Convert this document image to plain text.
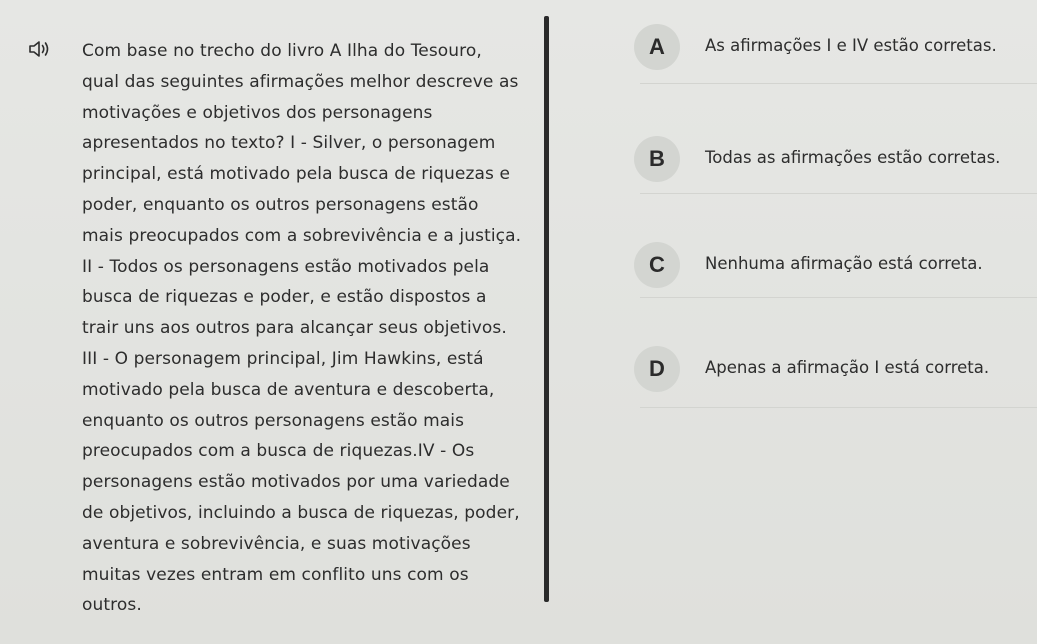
Com base no trecho do livro A Ilha do Tesouro, qual das seguintes afirmações melhor descreve as motivações e objetivos dos personagens apresentados no texto? I - Silver, o personagem principal, está motivado pela busca de riquezas e poder, enquanto os outros personagens estão mais preocupados com a sobrevivência e a justiça. II - Todos os personagens estão motivados pela busca de riquezas e poder, e estão dispostos a trair uns aos outros para alcançar seus objetivos. III - O personagem principal, Jim Hawkins, está motivado pela busca de aventura e descoberta, enquanto os outros personagens estão mais preocupados com a busca de riquezas.IV - Os personagens estão motivados por uma variedade de objetivos, incluindo a busca de riquezas, poder, aventura e sobrevivência, e suas motivações muitas vezes entram em conflito uns com os outros.
A	As afirmações I e IV estão corretas.
B	Todas as afirmações estão corretas.
C	Nenhuma afirmação está correta.
D	Apenas a afirmação I está correta.
